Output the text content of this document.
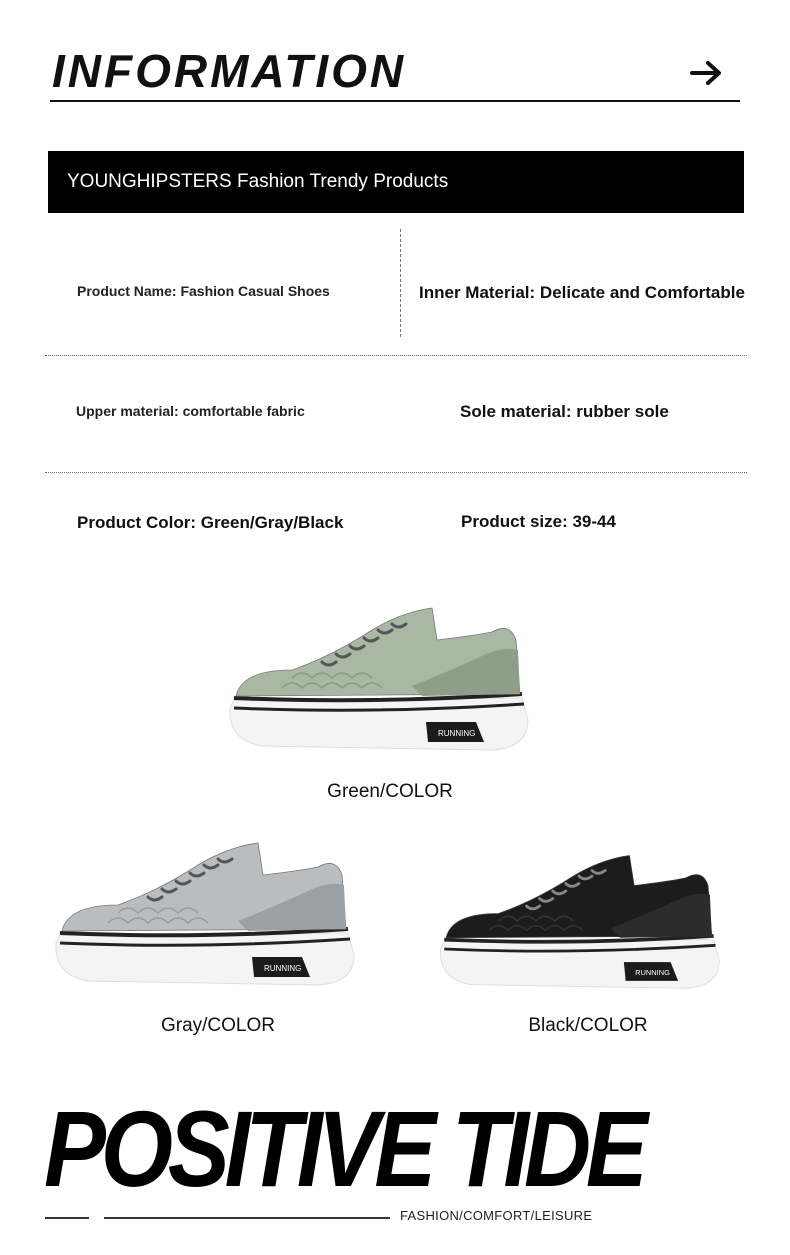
INFORMATION
YOUNGHIPSTERS Fashion Trendy Products
Product Name: Fashion Casual Shoes	Inner Material: Delicate and Comfortable
Upper material: comfortable fabric	Sole material: rubber sole
Product Color: Green/Gray/Black	Product size: 39-44
RUNNING
Green/COLOR
RUNNING
Gray/COLOR
RUNNING
Black/COLOR
POSITIVE TIDE
FASHION/COMFORT/LEISURE
